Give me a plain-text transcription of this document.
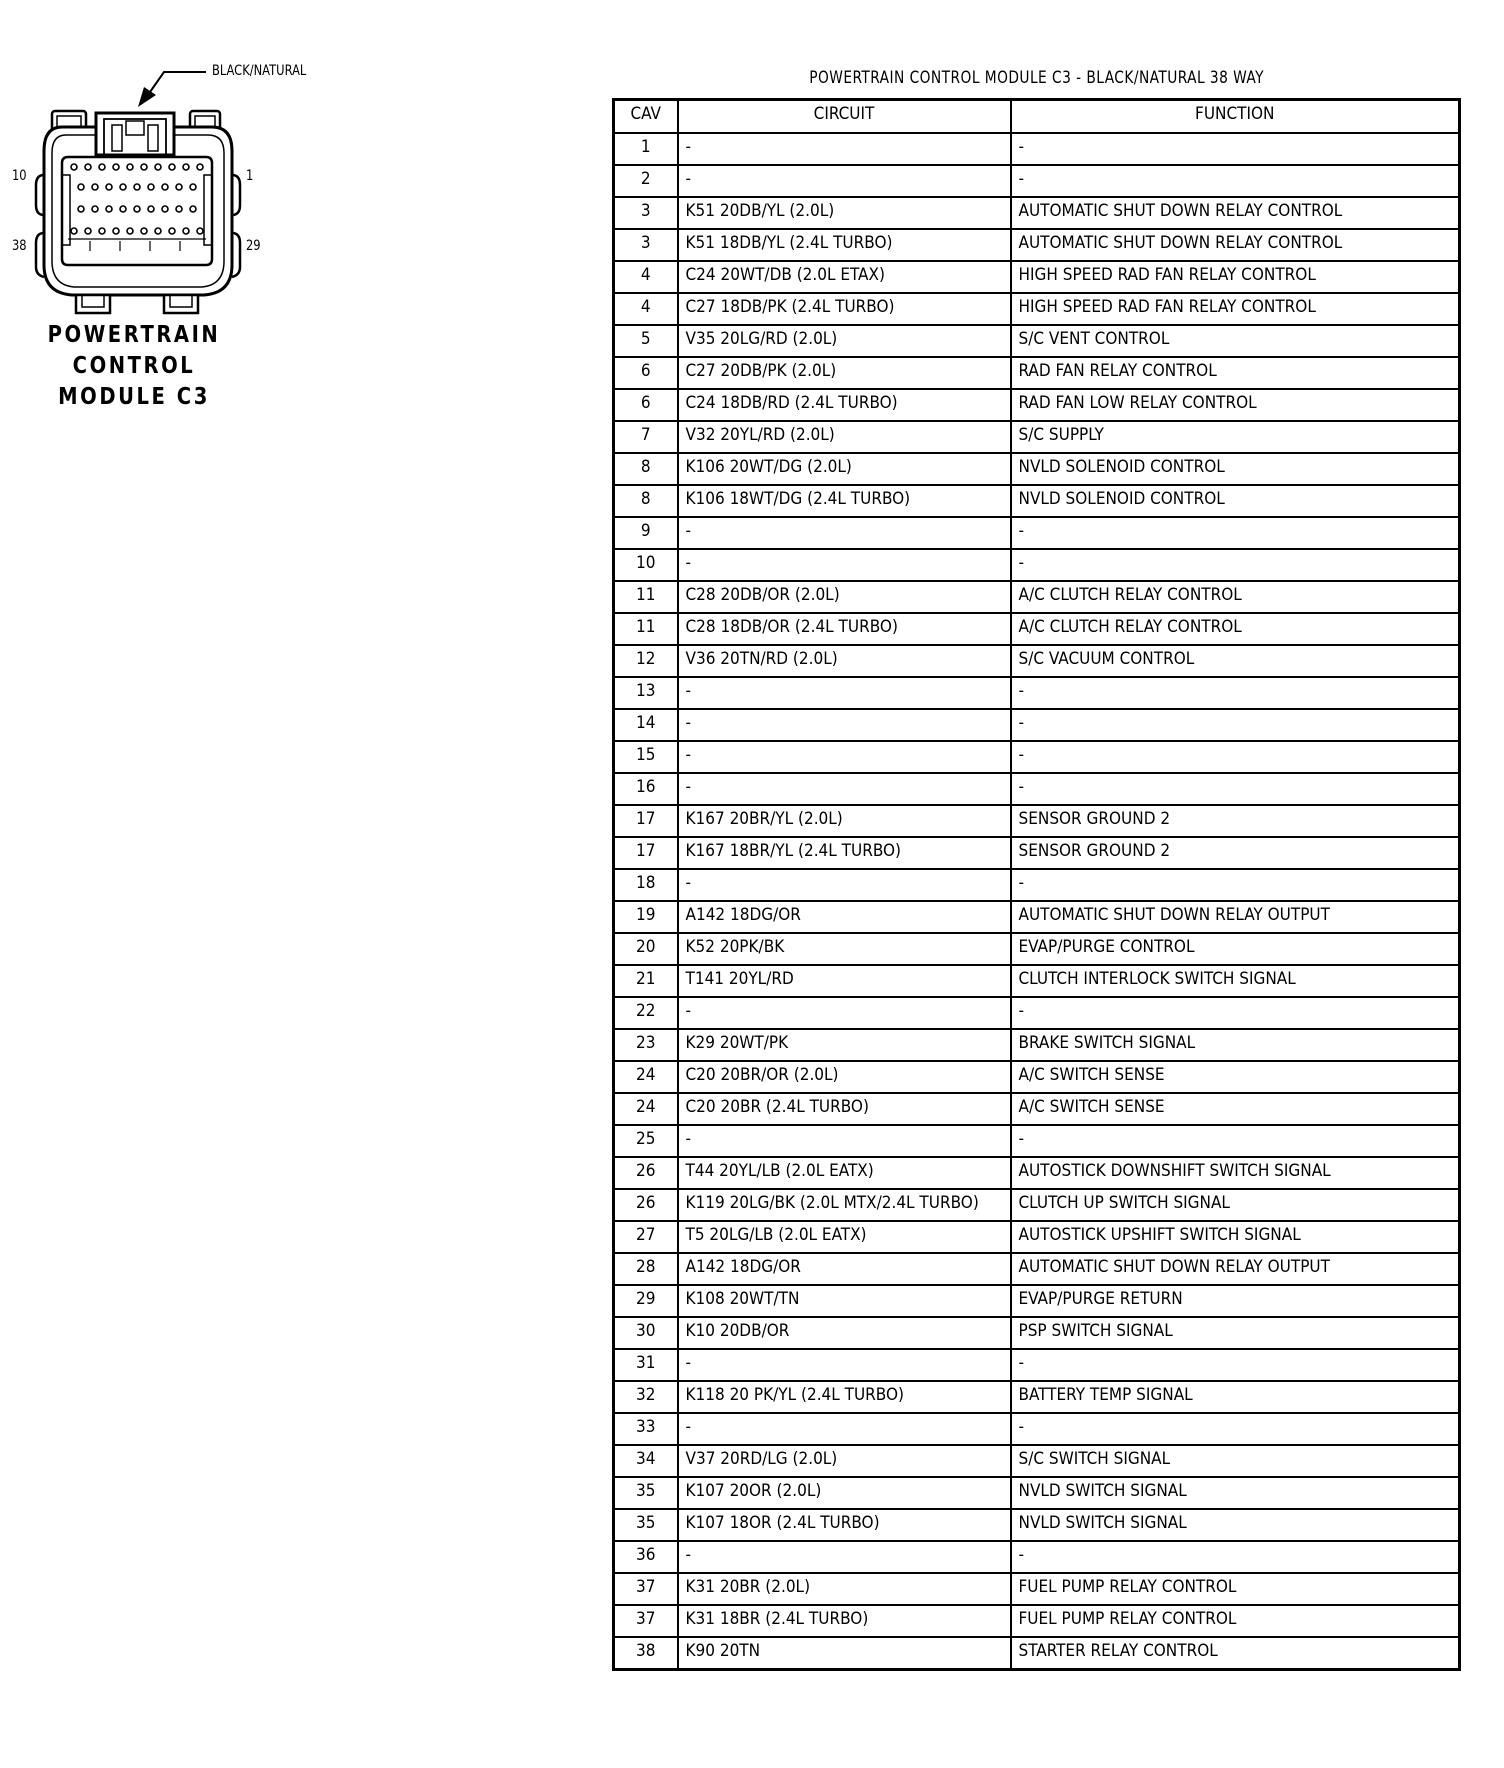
BLACK/NATURAL
10	1
38	29
POWERTRAIN
CONTROL
MODULE C3
POWERTRAIN CONTROL MODULE C3 - BLACK/NATURAL 38 WAY
CAV	CIRCUIT	FUNCTION
1	-	-
2	-	-
3	K51 20DB/YL (2.0L)	AUTOMATIC SHUT DOWN RELAY CONTROL
3	K51 18DB/YL (2.4L TURBO)	AUTOMATIC SHUT DOWN RELAY CONTROL
4	C24 20WT/DB (2.0L ETAX)	HIGH SPEED RAD FAN RELAY CONTROL
4	C27 18DB/PK (2.4L TURBO)	HIGH SPEED RAD FAN RELAY CONTROL
5	V35 20LG/RD (2.0L)	S/C VENT CONTROL
6	C27 20DB/PK (2.0L)	RAD FAN RELAY CONTROL
6	C24 18DB/RD (2.4L TURBO)	RAD FAN LOW RELAY CONTROL
7	V32 20YL/RD (2.0L)	S/C SUPPLY
8	K106 20WT/DG (2.0L)	NVLD SOLENOID CONTROL
8	K106 18WT/DG (2.4L TURBO)	NVLD SOLENOID CONTROL
9	-	-
10	-	-
11	C28 20DB/OR (2.0L)	A/C CLUTCH RELAY CONTROL
11	C28 18DB/OR (2.4L TURBO)	A/C CLUTCH RELAY CONTROL
12	V36 20TN/RD (2.0L)	S/C VACUUM CONTROL
13	-	-
14	-	-
15	-	-
16	-	-
17	K167 20BR/YL (2.0L)	SENSOR GROUND 2
17	K167 18BR/YL (2.4L TURBO)	SENSOR GROUND 2
18	-	-
19	A142 18DG/OR	AUTOMATIC SHUT DOWN RELAY OUTPUT
20	K52 20PK/BK	EVAP/PURGE CONTROL
21	T141 20YL/RD	CLUTCH INTERLOCK SWITCH SIGNAL
22	-	-
23	K29 20WT/PK	BRAKE SWITCH SIGNAL
24	C20 20BR/OR (2.0L)	A/C SWITCH SENSE
24	C20 20BR (2.4L TURBO)	A/C SWITCH SENSE
25	-	-
26	T44 20YL/LB (2.0L EATX)	AUTOSTICK DOWNSHIFT SWITCH SIGNAL
26	K119 20LG/BK (2.0L MTX/2.4L TURBO)	CLUTCH UP SWITCH SIGNAL
27	T5 20LG/LB (2.0L EATX)	AUTOSTICK UPSHIFT SWITCH SIGNAL
28	A142 18DG/OR	AUTOMATIC SHUT DOWN RELAY OUTPUT
29	K108 20WT/TN	EVAP/PURGE RETURN
30	K10 20DB/OR	PSP SWITCH SIGNAL
31	-	-
32	K118 20 PK/YL (2.4L TURBO)	BATTERY TEMP SIGNAL
33	-	-
34	V37 20RD/LG (2.0L)	S/C SWITCH SIGNAL
35	K107 20OR (2.0L)	NVLD SWITCH SIGNAL
35	K107 18OR (2.4L TURBO)	NVLD SWITCH SIGNAL
36	-	-
37	K31 20BR (2.0L)	FUEL PUMP RELAY CONTROL
37	K31 18BR (2.4L TURBO)	FUEL PUMP RELAY CONTROL
38	K90 20TN	STARTER RELAY CONTROL
